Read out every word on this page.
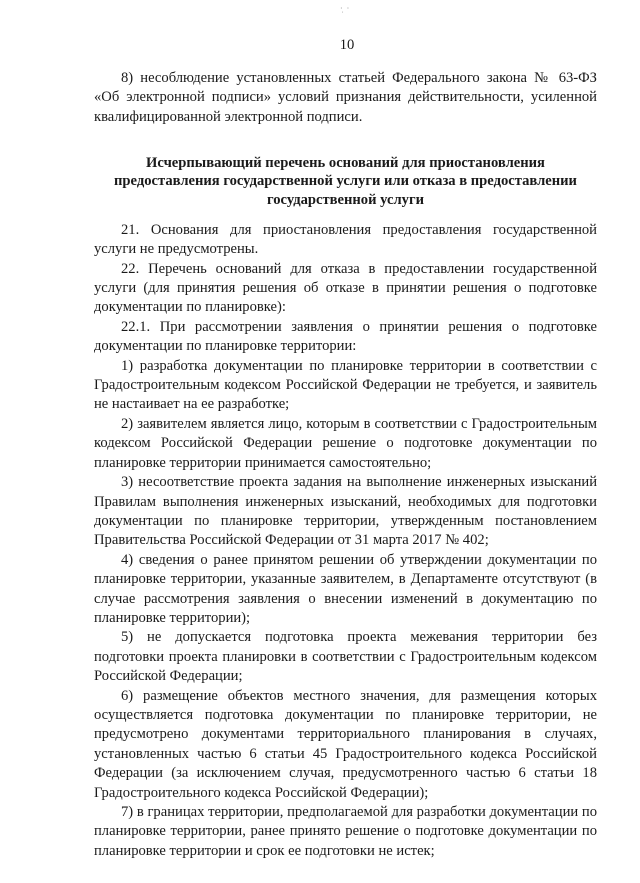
·̣ ·
10

8) несоблюдение установленных статьей Федерального закона № 63-ФЗ «Об электронной подписи» условий признания действительности, усиленной квалифицированной электронной подписи.

Исчерпывающий перечень оснований для приостановления предоставления государственной услуги или отказа в предоставлении государственной услуги

21. Основания для приостановления предоставления государственной услуги не предусмотрены.

22. Перечень оснований для отказа в предоставлении государственной услуги (для принятия решения об отказе в принятии решения о подготовке документации по планировке):

22.1. При рассмотрении заявления о принятии решения о подготовке документации по планировке территории:

1) разработка документации по планировке территории в соответствии с Градостроительным кодексом Российской Федерации не требуется, и заявитель не настаивает на ее разработке;

2) заявителем является лицо, которым в соответствии с Градостроительным кодексом Российской Федерации решение о подготовке документации по планировке территории принимается самостоятельно;

3) несоответствие проекта задания на выполнение инженерных изысканий Правилам выполнения инженерных изысканий, необходимых для подготовки документации по планировке территории, утвержденным постановлением Правительства Российской Федерации от 31 марта 2017 № 402;

4) сведения о ранее принятом решении об утверждении документации по планировке территории, указанные заявителем, в Департаменте отсутствуют (в случае рассмотрения заявления о внесении изменений в документацию по планировке территории);

5) не допускается подготовка проекта межевания территории без подготовки проекта планировки в соответствии с Градостроительным кодексом Российской Федерации;

6) размещение объектов местного значения, для размещения которых осуществляется подготовка документации по планировке территории, не предусмотрено документами территориального планирования в случаях, установленных частью 6 статьи 45 Градостроительного кодекса Российской Федерации (за исключением случая, предусмотренного частью 6 статьи 18 Градостроительного кодекса Российской Федерации);

7) в границах территории, предполагаемой для разработки документации по планировке территории, ранее принято решение о подготовке документации по планировке территории и срок ее подготовки не истек;
